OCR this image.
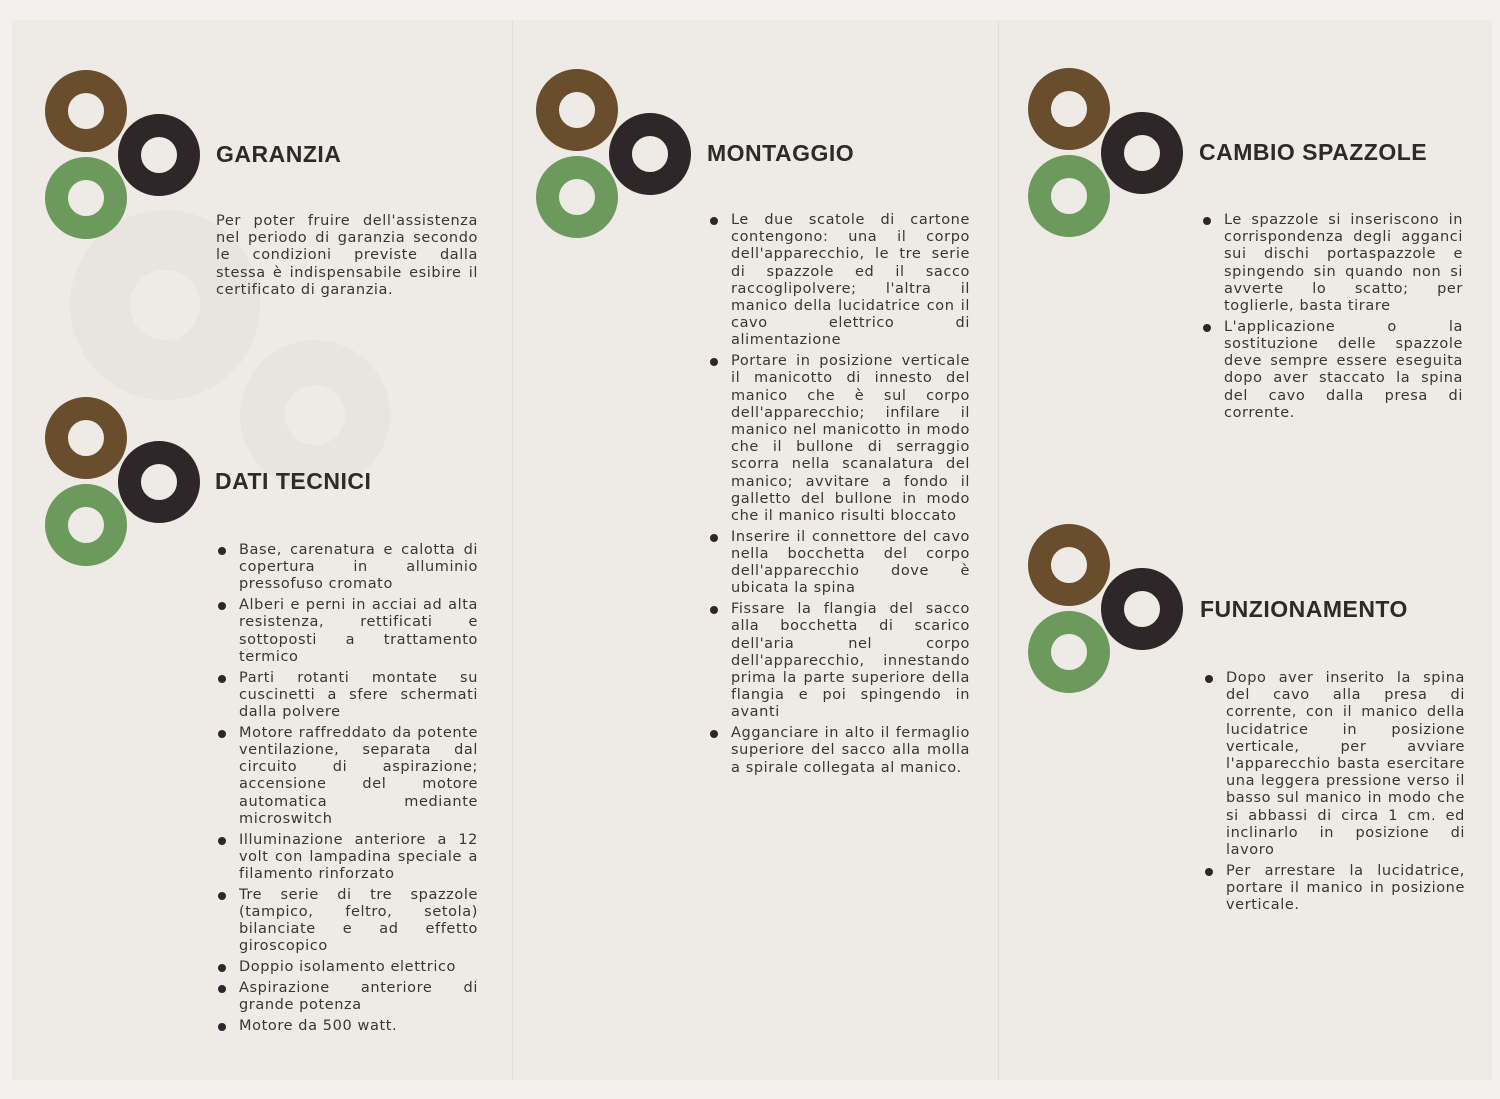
GARANZIA

Per poter fruire dell'assistenza nel periodo di garanzia secondo le condizioni previste dalla stessa è indispensabile esibire il certificato di garanzia.

DATI TECNICI
Base, carenatura e calotta di copertura in alluminio pressofuso cromato
Alberi e perni in acciai ad alta resistenza, rettificati e sottoposti a trattamento termico
Parti rotanti montate su cuscinetti a sfere schermati dalla polvere
Motore raffreddato da potente ventilazione, separata dal circuito di aspirazione; accensione del motore automatica mediante microswitch
Illuminazione anteriore a 12 volt con lampadina speciale a filamento rinforzato
Tre serie di tre spazzole (tampico, feltro, setola) bilanciate e ad effetto giroscopico
Doppio isolamento elettrico
Aspirazione anteriore di grande potenza
Motore da 500 watt.
MONTAGGIO
Le due scatole di cartone contengono: una il corpo dell'apparecchio, le tre serie di spazzole ed il sacco raccoglipolvere; l'altra il manico della lucidatrice con il cavo elettrico di alimentazione
Portare in posizione verticale il manicotto di innesto del manico che è sul corpo dell'apparecchio; infilare il manico nel manicotto in modo che il bullone di serraggio scorra nella scanalatura del manico; avvitare a fondo il galletto del bullone in modo che il manico risulti bloccato
Inserire il connettore del cavo nella bocchetta del corpo dell'apparecchio dove è ubicata la spina
Fissare la flangia del sacco alla bocchetta di scarico dell'aria nel corpo dell'apparecchio, innestando prima la parte superiore della flangia e poi spingendo in avanti
Agganciare in alto il fermaglio superiore del sacco alla molla a spirale collegata al manico.
CAMBIO SPAZZOLE
Le spazzole si inseriscono in corrispondenza degli agganci sui dischi portaspazzole e spingendo sin quando non si avverte lo scatto; per toglierle, basta tirare
L'applicazione o la sostituzione delle spazzole deve sempre essere eseguita dopo aver staccato la spina del cavo dalla presa di corrente.
FUNZIONAMENTO
Dopo aver inserito la spina del cavo alla presa di corrente, con il manico della lucidatrice in posizione verticale, per avviare l'apparecchio basta esercitare una leggera pressione verso il basso sul manico in modo che si abbassi di circa 1 cm. ed inclinarlo in posizione di lavoro
Per arrestare la lucidatrice, portare il manico in posizione verticale.
